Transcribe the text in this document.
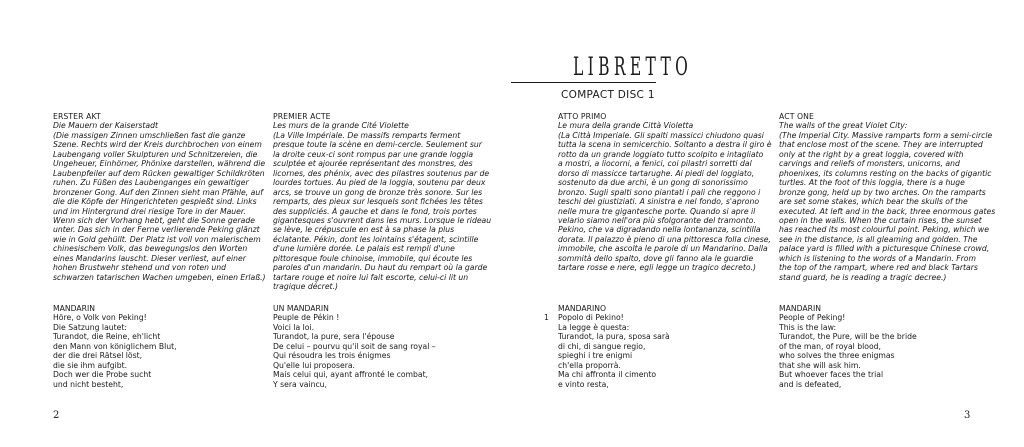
LIBRETTO
COMPACT DISC 1
ERSTER AKT
Die Mauern der Kaiserstadt
(Die massigen Zinnen umschließen fast die ganze
Szene. Rechts wird der Kreis durchbrochen von einem
Laubengang voller Skulpturen und Schnitzereien, die
Ungeheuer, Einhörner, Phönixe darstellen, während die
Laubenpfeiler auf dem Rücken gewaltiger Schildkröten
ruhen. Zu Füßen des Laubenganges ein gewaltiger
bronzener Gong. Auf den Zinnen sieht man Pfähle, auf
die die Köpfe der Hingerichteten gespießt sind. Links
und im Hintergrund drei riesige Tore in der Mauer.
Wenn sich der Vorhang hebt, geht die Sonne gerade
unter. Das sich in der Ferne verlierende Peking glänzt
wie in Gold gehüllt. Der Platz ist voll von malerischem
chinesischem Volk, das bewegungslos den Worten
eines Mandarins lauscht. Dieser verliest, auf einer
hohen Brustwehr stehend und von roten und
schwarzen tatarischen Wachen umgeben, einen Erlaß.)
PREMIER ACTE
Les murs de la grande Cité Violette
(La Ville Impériale. De massifs remparts ferment
presque toute la scène en demi-cercle. Seulement sur
la droite ceux-ci sont rompus par une grande loggia
sculptée et ajourée représentant des monstres, des
licornes, des phénix, avec des pilastres soutenus par de
lourdes tortues. Au pied de la loggia, soutenu par deux
arcs, se trouve un gong de bronze très sonore. Sur les
remparts, des pieux sur lesquels sont fichées les têtes
des suppliciés. À gauche et dans le fond, trois portes
gigantesques s'ouvrent dans les murs. Lorsque le rideau
se lève, le crépuscule en est à sa phase la plus
éclatante. Pékin, dont les lointains s'étagent, scintille
d'une lumière dorée. Le palais est rempli d'une
pittoresque foule chinoise, immobile, qui écoute les
paroles d'un mandarin. Du haut du rempart où la garde
tartare rouge et noire lui fait escorte, celui-ci lit un
tragique décret.)
ATTO PRIMO
Le mura della grande Città Violetta
(La Città Imperiale. Gli spalti massicci chiudono quasi
tutta la scena in semicerchio. Soltanto a destra il giro è
rotto da un grande loggiato tutto scolpito e intagliato
a mostri, a liocorni, a fenici, coi pilastri sorretti dal
dorso di massicce tartarughe. Ai piedi del loggiato,
sostenuto da due archi, è un gong di sonorissimo
bronzo. Sugli spalti sono piantati i pali che reggono i
teschi dei giustiziati. A sinistra e nel fondo, s'aprono
nelle mura tre gigantesche porte. Quando si apre il
velario siamo nell'ora più sfolgorante del tramonto.
Pekino, che va digradando nella lontananza, scintilla
dorata. Il palazzo è pieno di una pittoresca folla cinese,
immobile, che ascolta le parole di un Mandarino. Dalla
sommità dello spalto, dove gli fanno ala le guardie
tartare rosse e nere, egli legge un tragico decreto.)
ACT ONE
The walls of the great Violet City:
(The Imperial City. Massive ramparts form a semi-circle
that enclose most of the scene. They are interrupted
only at the right by a great loggia, covered with
carvings and reliefs of monsters, unicorns, and
phoenixes, its columns resting on the backs of gigantic
turtles. At the foot of this loggia, there is a huge
bronze gong, held up by two arches. On the ramparts
are set some stakes, which bear the skulls of the
executed. At left and in the back, three enormous gates
open in the walls. When the curtain rises, the sunset
has reached its most colourful point. Peking, which we
see in the distance, is all gleaming and golden. The
palace yard is filled with a picturesque Chinese crowd,
which is listening to the words of a Mandarin. From
the top of the rampart, where red and black Tartars
stand guard, he is reading a tragic decree.)
MANDARIN
Höre, o Volk von Peking!
Die Satzung lautet:
Turandot, die Reine, eh'licht
den Mann von königlichem Blut,
der die drei Rätsel löst,
die sie ihm aufgibt.
Doch wer die Probe sucht
und nicht besteht,
UN MANDARIN
Peuple de Pékin !
Voici la loi.
Turandot, la pure, sera l'épouse
De celui – pourvu qu'il soit de sang royal –
Qui résoudra les trois énigmes
Qu'elle lui proposera.
Mais celui qui, ayant affronté le combat,
Y sera vaincu,
MANDARINO
Popolo di Pekino!
La legge è questa:
Turandot, la pura, sposa sarà
di chi, di sangue regio,
spieghi i tre enigmi
ch'ella proporrà.
Ma chi affronta il cimento
e vinto resta,
MANDARIN
People of Peking!
This is the law:
Turandot, the Pure, will be the bride
of the man, of royal blood,
who solves the three enigmas
that she will ask him.
But whoever faces the trial
and is defeated,
1
2	3
